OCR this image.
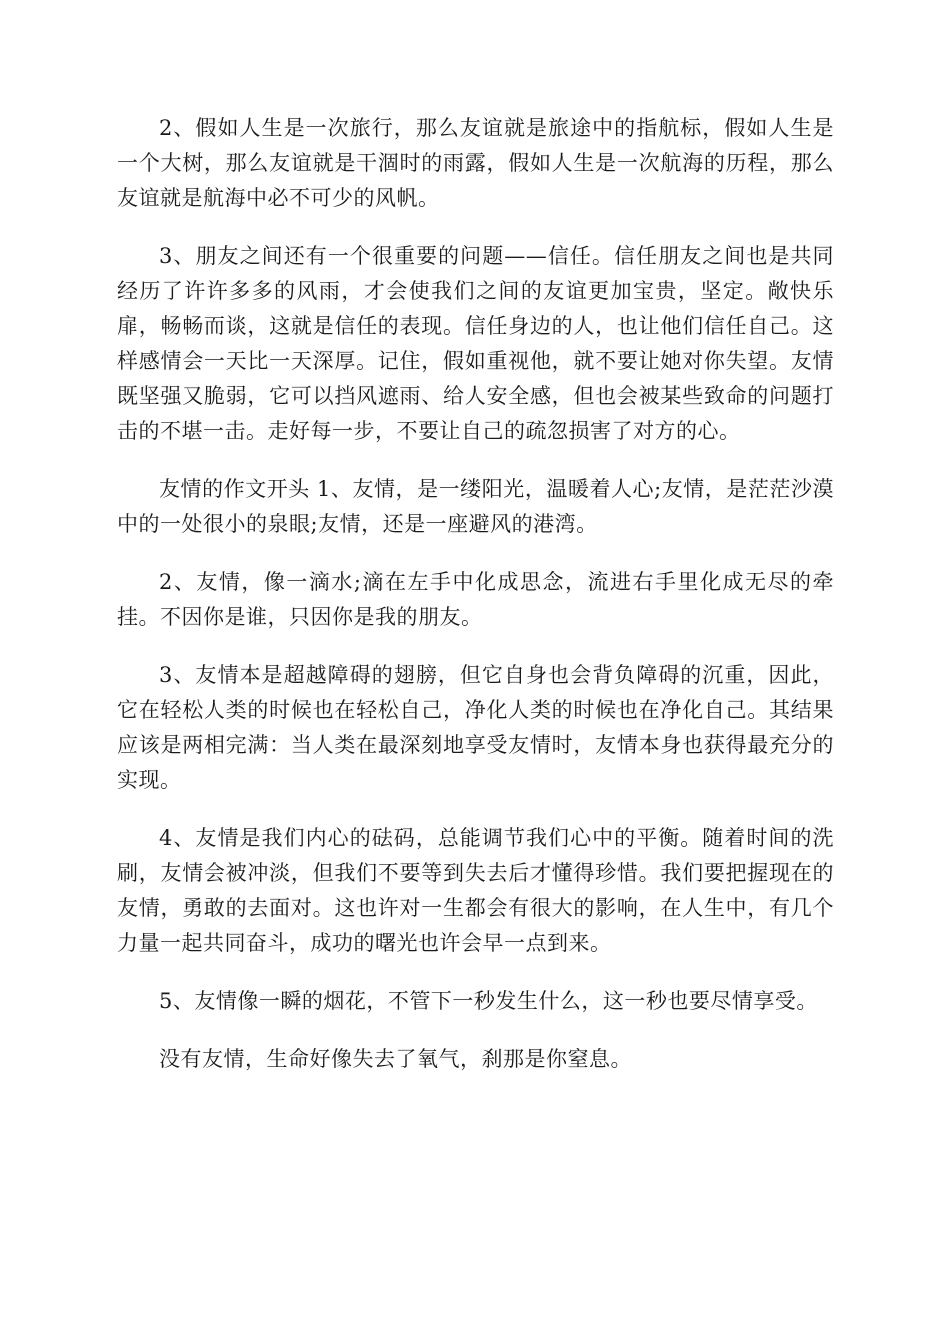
2、假如人生是一次旅行，那么友谊就是旅途中的指航标，假如人生是一个大树，那么友谊就是干涸时的雨露，假如人生是一次航海的历程，那么友谊就是航海中必不可少的风帆。

3、朋友之间还有一个很重要的问题——信任。信任朋友之间也是共同经历了许许多多的风雨，才会使我们之间的友谊更加宝贵，坚定。敞快乐扉，畅畅而谈，这就是信任的表现。信任身边的人，也让他们信任自己。这样感情会一天比一天深厚。记住，假如重视他，就不要让她对你失望。友情既坚强又脆弱，它可以挡风遮雨、给人安全感，但也会被某些致命的问题打击的不堪一击。走好每一步，不要让自己的疏忽损害了对方的心。

友情的作文开头 1、友情，是一缕阳光，温暖着人心;友情，是茫茫沙漠中的一处很小的泉眼;友情，还是一座避风的港湾。

2、友情，像一滴水;滴在左手中化成思念，流进右手里化成无尽的牵挂。不因你是谁，只因你是我的朋友。

3、友情本是超越障碍的翅膀，但它自身也会背负障碍的沉重，因此，它在轻松人类的时候也在轻松自己，净化人类的时候也在净化自己。其结果应该是两相完满：当人类在最深刻地享受友情时，友情本身也获得最充分的实现。

4、友情是我们内心的砝码，总能调节我们心中的平衡。随着时间的洗刷，友情会被冲淡，但我们不要等到失去后才懂得珍惜。我们要把握现在的友情，勇敢的去面对。这也许对一生都会有很大的影响，在人生中，有几个力量一起共同奋斗，成功的曙光也许会早一点到来。

5、友情像一瞬的烟花，不管下一秒发生什么，这一秒也要尽情享受。

没有友情，生命好像失去了氧气，刹那是你窒息。
